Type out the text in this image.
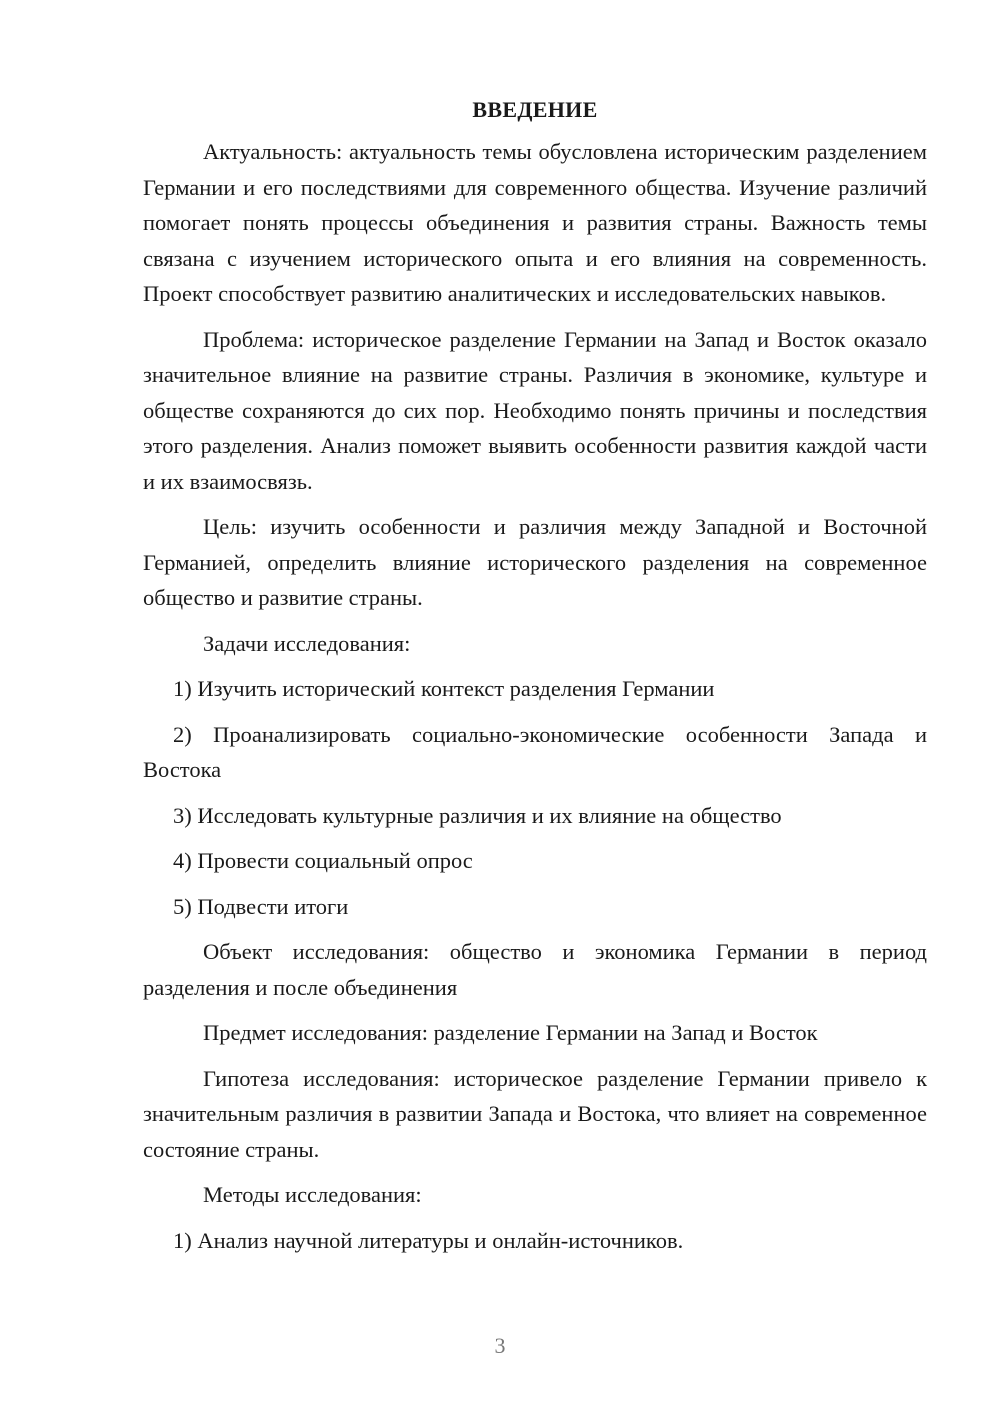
ВВЕДЕНИЕ

Актуальность: актуальность темы обусловлена историческим разделением Германии и его последствиями для современного общества. Изучение различий помогает понять процессы объединения и развития страны. Важность темы связана с изучением исторического опыта и его влияния на современность. Проект способствует развитию аналитических и исследовательских навыков.

Проблема: историческое разделение Германии на Запад и Восток оказало значительное влияние на развитие страны. Различия в экономике, культуре и обществе сохраняются до сих пор. Необходимо понять причины и последствия этого разделения. Анализ поможет выявить особенности развития каждой части и их взаимосвязь.

Цель: изучить особенности и различия между Западной и Восточной Германией, определить влияние исторического разделения на современное общество и развитие страны.

Задачи исследования:

1) Изучить исторический контекст разделения Германии

2) Проанализировать социально-экономические особенности Запада и Востока

3) Исследовать культурные различия и их влияние на общество

4) Провести социальный опрос

5) Подвести итоги

Объект исследования: общество и экономика Германии в период разделения и после объединения

Предмет исследования: разделение Германии на Запад и Восток

Гипотеза исследования: историческое разделение Германии привело к значительным различия в развитии Запада и Востока, что влияет на современное состояние страны.

Методы исследования:

1) Анализ научной литературы и онлайн-источников.

3
